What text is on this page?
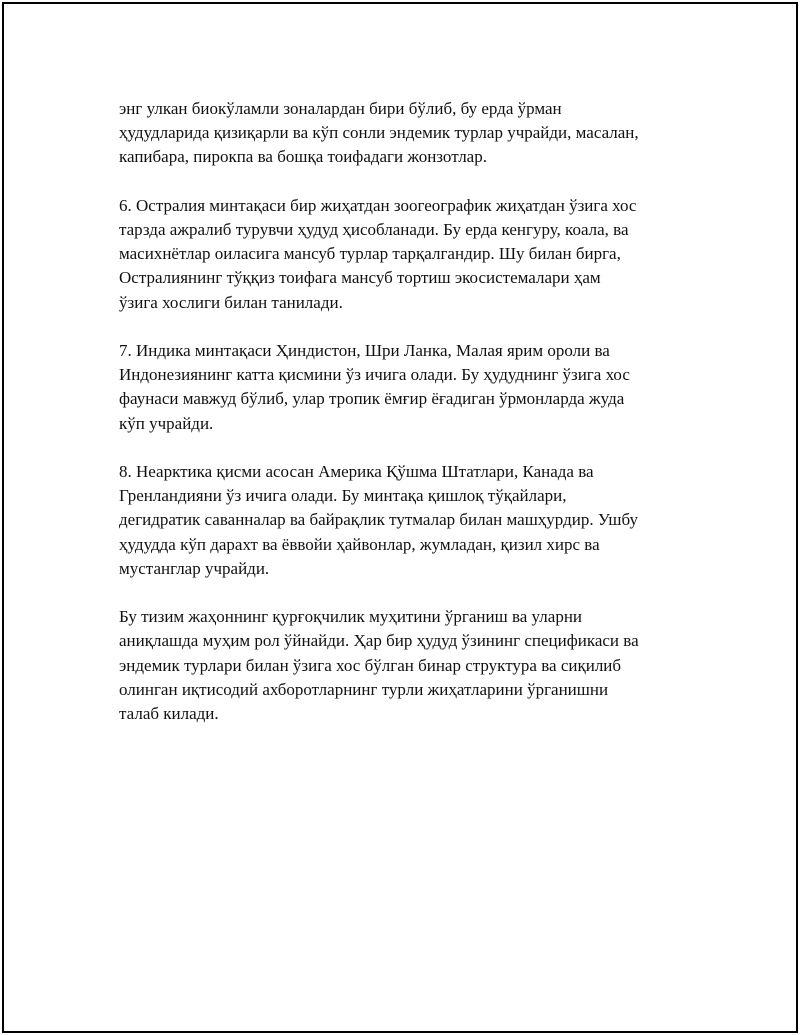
энг улкан биокўламли зоналардан бири бўлиб, бу ерда ўрман
ҳудудларида қизиқарли ва кўп сонли эндемик турлар учрайди, масалан,
капибара, пирокпа ва бошқа тоифадаги жонзотлар.

6. Остралия минтақаси бир жиҳатдан зоогеографик жиҳатдан ўзига хос
тарзда ажралиб турувчи ҳудуд ҳисобланади. Бу ерда кенгуру, коала, ва
масихнётлар оиласига мансуб турлар тарқалгандир. Шу билан бирга,
Остралиянинг тўққиз тоифага мансуб тортиш экосистемалари ҳам
ўзига хослиги билан танилади.

7. Индика минтақаси Ҳиндистон, Шри Ланка, Малая ярим ороли ва
Индонезиянинг катта қисмини ўз ичига олади. Бу ҳудуднинг ўзига хос
фаунаси мавжуд бўлиб, улар тропик ёмғир ёғадиган ўрмонларда жуда
кўп учрайди.

8. Неарктика қисми асосан Америка Қўшма Штатлари, Канада ва
Гренландияни ўз ичига олади. Бу минтақа қишлоқ тўқайлари,
дегидратик саванналар ва байрақлик тутмалар билан машҳурдир. Ушбу
ҳудудда кўп дарахт ва ёввойи ҳайвонлар, жумладан, қизил хирс ва
мустанглар учрайди.

Бу тизим жаҳоннинг қурғоқчилик муҳитини ўрганиш ва уларни
аниқлашда муҳим рол ўйнайди. Ҳар бир ҳудуд ўзининг спецификаси ва
эндемик турлари билан ўзига хос бўлган бинар структура ва сиқилиб
олинган иқтисодий ахборотларнинг турли жиҳатларини ўрганишни
талаб килади.
